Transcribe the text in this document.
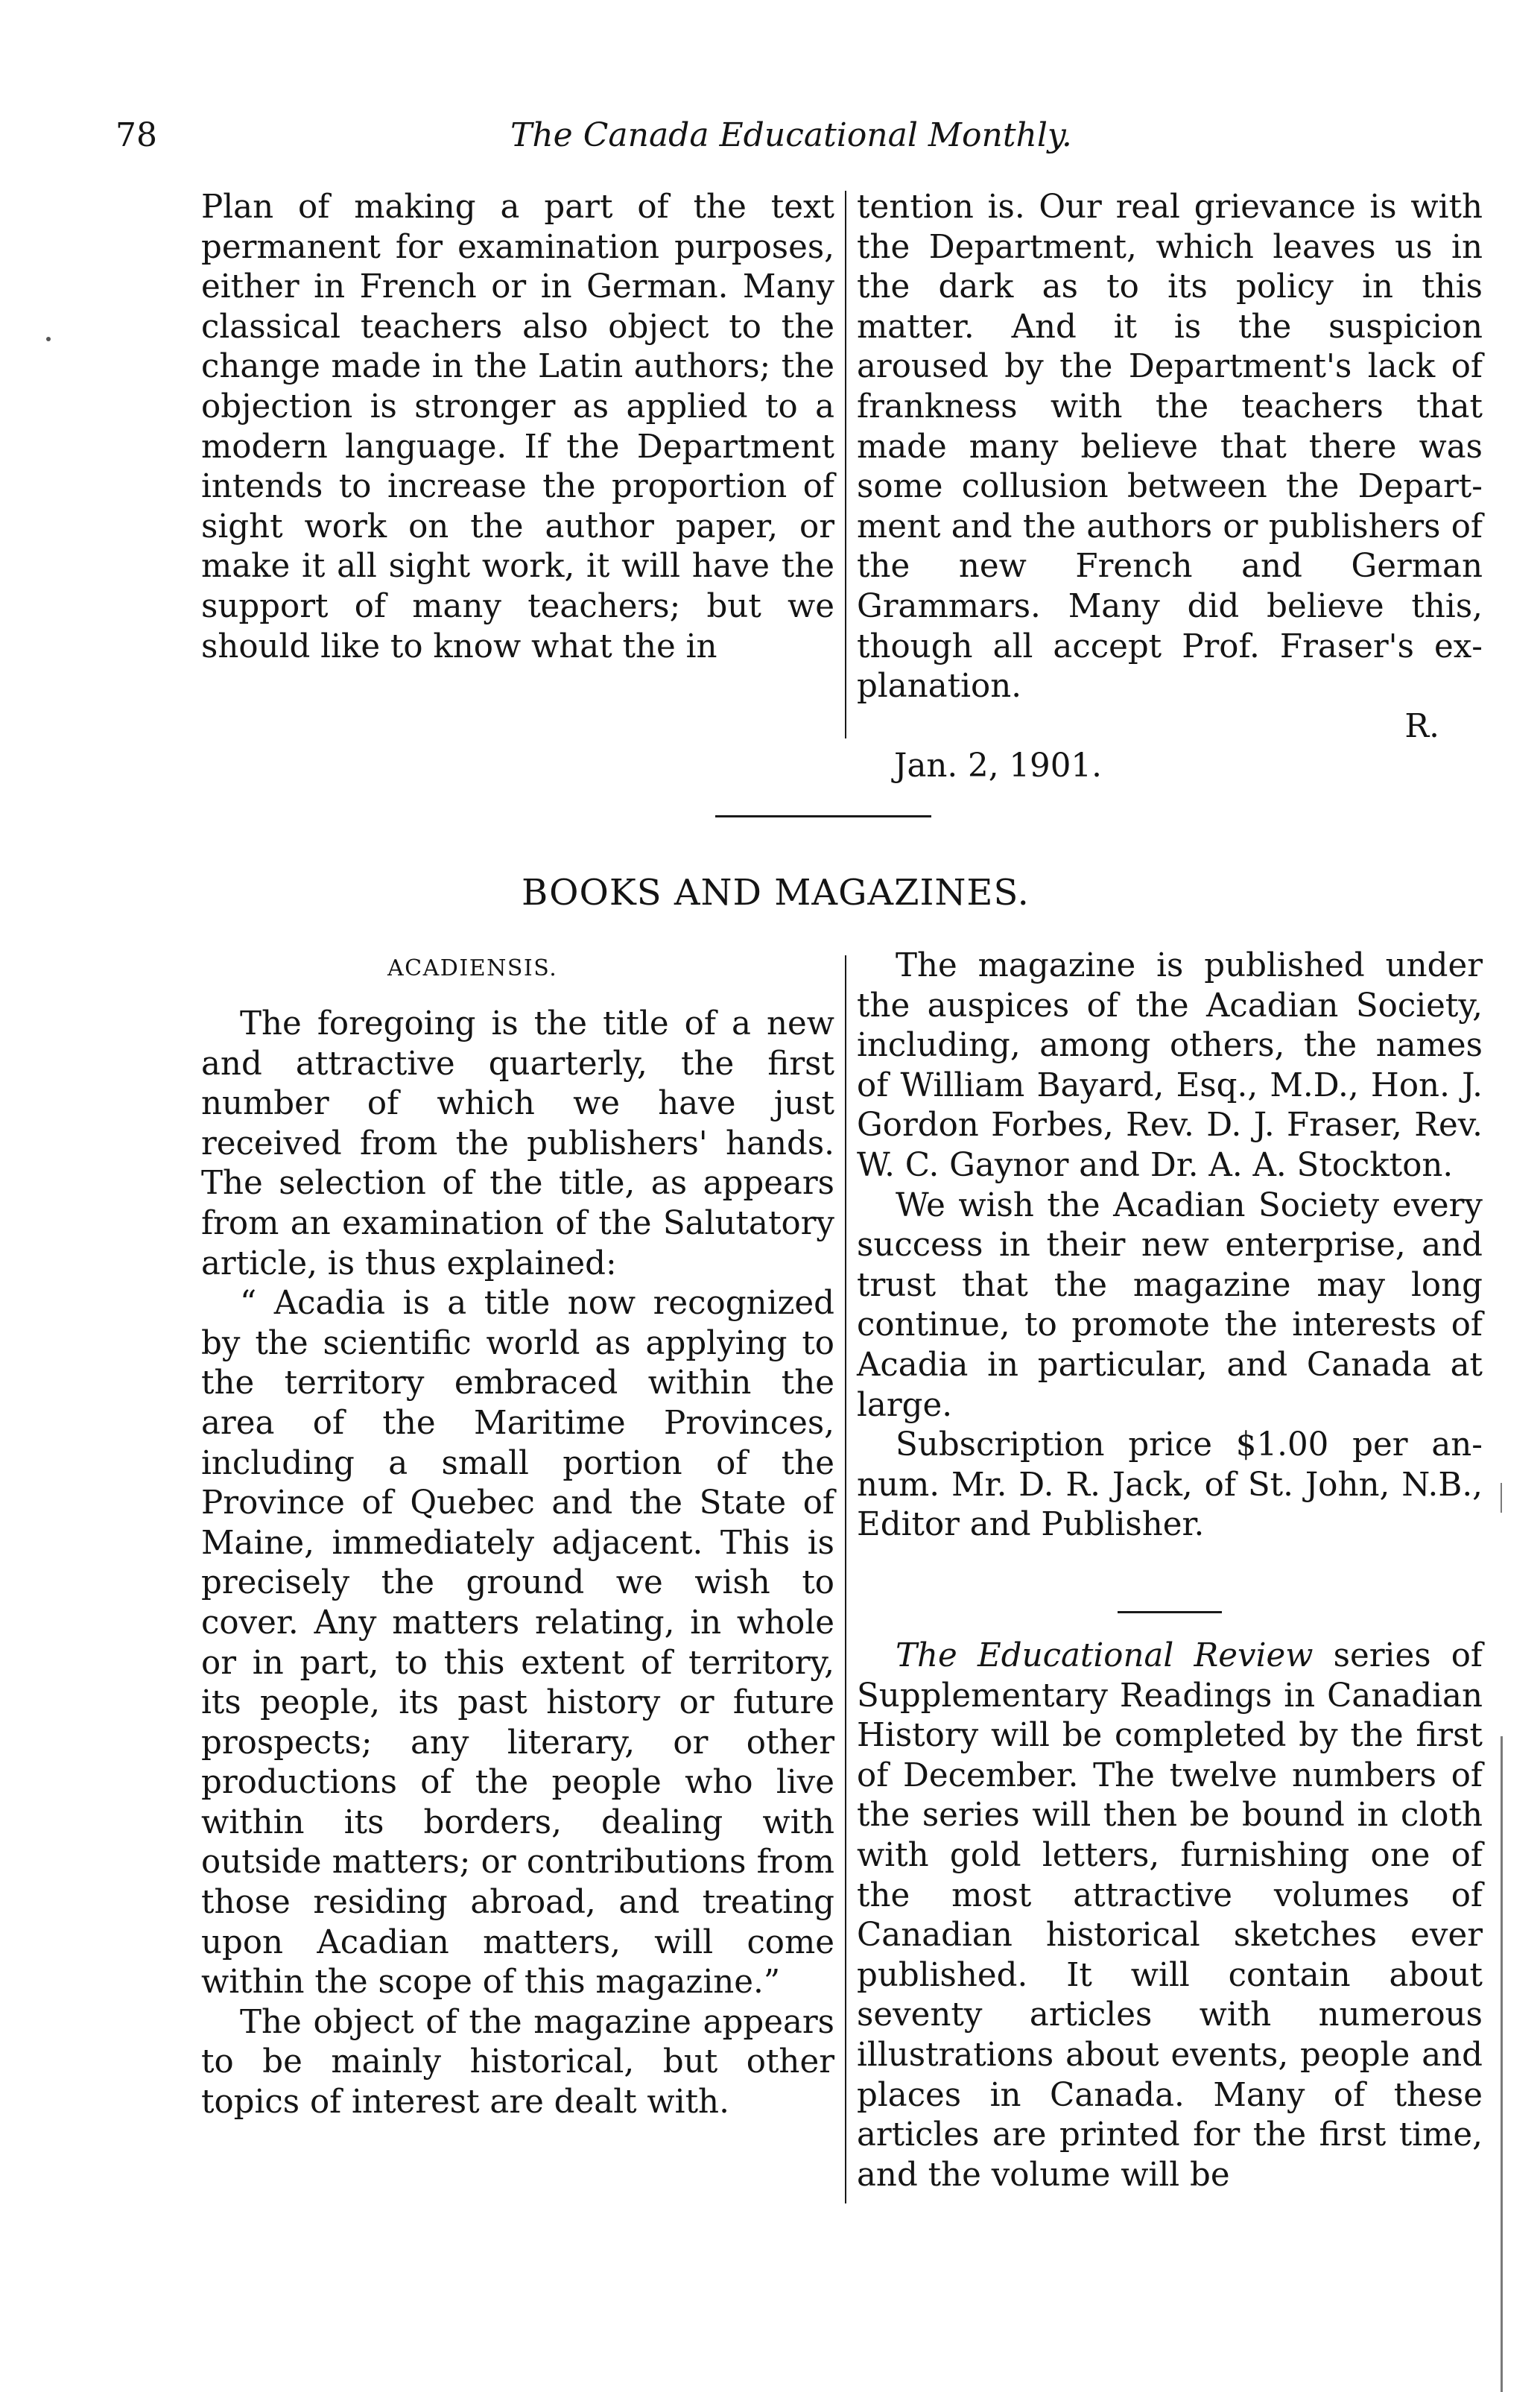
78	The Canada Educational Monthly.

Plan of making a part of the text permanent for examination purposes, either in French or in German. Many classical teachers also object to the change made in the Latin authors; the objection is stronger as applied to a modern language. If the Department intends to increase the proportion of sight work on the author paper, or make it all sight work, it will have the support of many teachers; but we should like to know what the in

tention is. Our real grievance is with the Department, which leaves us in the dark as to its policy in this matter. And it is the suspicion aroused by the Department's lack of frankness with the teachers that made many believe that there was some collusion between the Department and the authors or publishers of the new French and German Grammars. Many did believe this, though all accept Prof. Fraser's explanation.

R.
Jan. 2, 1901.
BOOKS AND MAGAZINES.
ACADIENSIS.

The foregoing is the title of a new and attractive quarterly, the first number of which we have just received from the publishers' hands. The selection of the title, as appears from an examination of the Salutatory article, is thus explained:

“ Acadia is a title now recognized by the scientific world as applying to the territory embraced within the area of the Maritime Provinces, including a small portion of the Province of Quebec and the State of Maine, immediately adjacent. This is precisely the ground we wish to cover. Any matters relating, in whole or in part, to this extent of territory, its people, its past history or future prospects; any literary, or other productions of the people who live within its borders, dealing with outside matters; or contributions from those residing abroad, and treating upon Acadian matters, will come within the scope of this magazine.”

The object of the magazine appears to be mainly historical, but other topics of interest are dealt with.

The magazine is published under the auspices of the Acadian Society, including, among others, the names of William Bayard, Esq., M.D., Hon. J. Gordon Forbes, Rev. D. J. Fraser, Rev. W. C. Gaynor and Dr. A. A. Stockton.

We wish the Acadian Society every success in their new enterprise, and trust that the magazine may long continue, to promote the interests of Acadia in particular, and Canada at large.

Subscription price $1.00 per annum. Mr. D. R. Jack, of St. John, N.B., Editor and Publisher.

The Educational Review series of Supplementary Readings in Canadian History will be completed by the first of December. The twelve numbers of the series will then be bound in cloth with gold letters, furnishing one of the most attractive volumes of Canadian historical sketches ever published. It will contain about seventy articles with numerous illustrations about events, people and places in Canada. Many of these articles are printed for the first time, and the volume will be
